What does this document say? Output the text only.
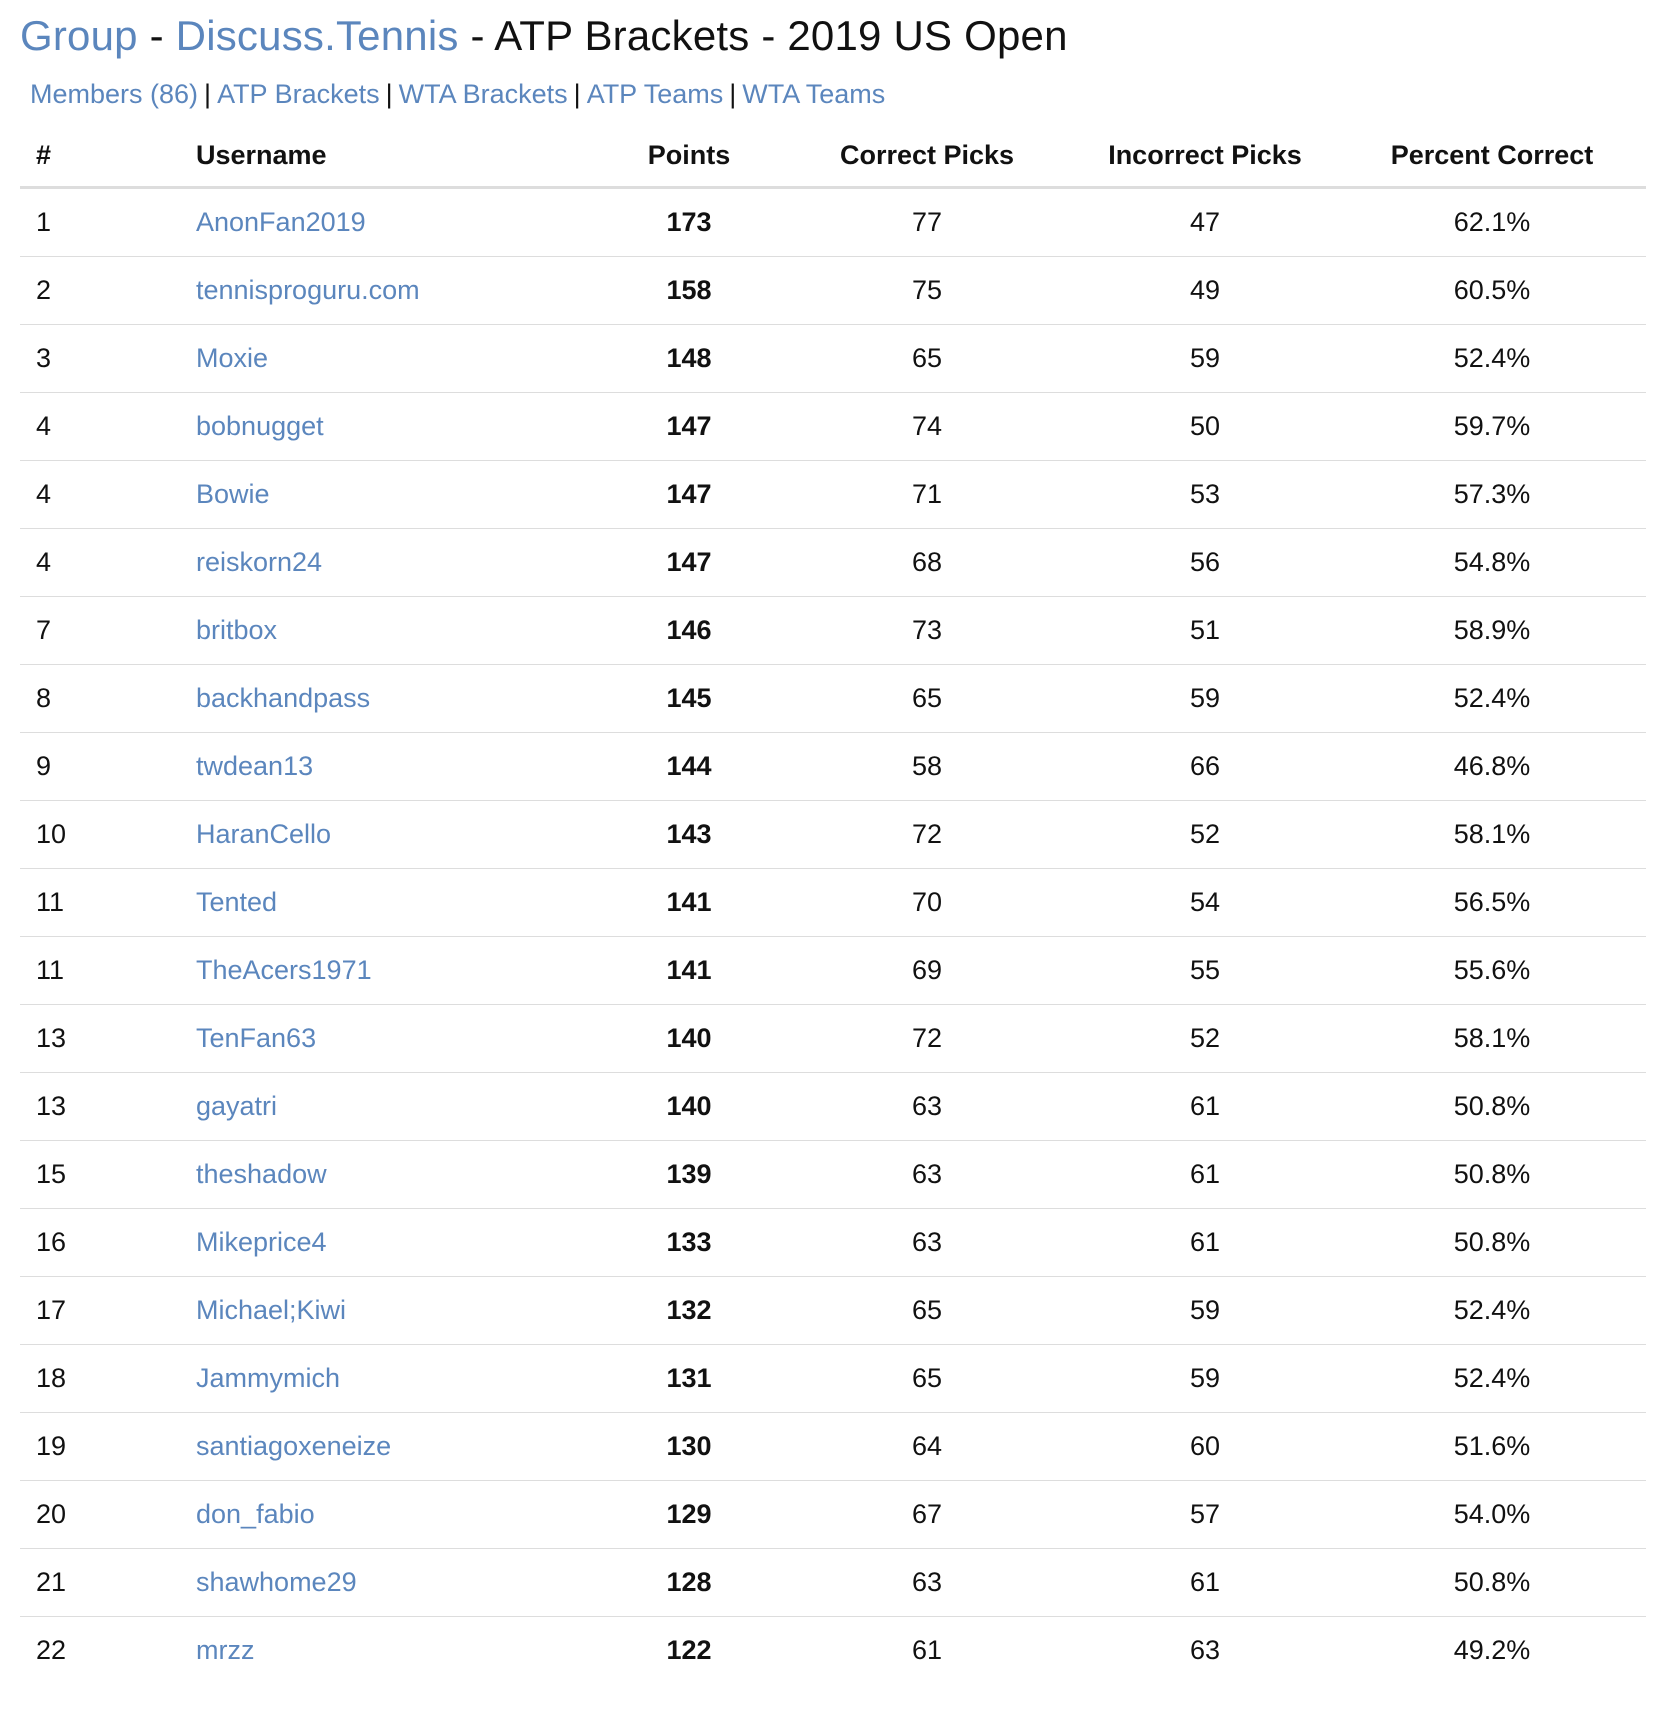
Group - Discuss.Tennis - ATP Brackets - 2019 US Open
Members (86) | ATP Brackets | WTA Brackets | ATP Teams | WTA Teams
#	Username	Points	Correct Picks	Incorrect Picks	Percent Correct
1	AnonFan2019	173	77	47	62.1%
2	tennisproguru.com	158	75	49	60.5%
3	Moxie	148	65	59	52.4%
4	bobnugget	147	74	50	59.7%
4	Bowie	147	71	53	57.3%
4	reiskorn24	147	68	56	54.8%
7	britbox	146	73	51	58.9%
8	backhandpass	145	65	59	52.4%
9	twdean13	144	58	66	46.8%
10	HaranCello	143	72	52	58.1%
11	Tented	141	70	54	56.5%
11	TheAcers1971	141	69	55	55.6%
13	TenFan63	140	72	52	58.1%
13	gayatri	140	63	61	50.8%
15	theshadow	139	63	61	50.8%
16	Mikeprice4	133	63	61	50.8%
17	Michael;Kiwi	132	65	59	52.4%
18	Jammymich	131	65	59	52.4%
19	santiagoxeneize	130	64	60	51.6%
20	don_fabio	129	67	57	54.0%
21	shawhome29	128	63	61	50.8%
22	mrzz	122	61	63	49.2%
